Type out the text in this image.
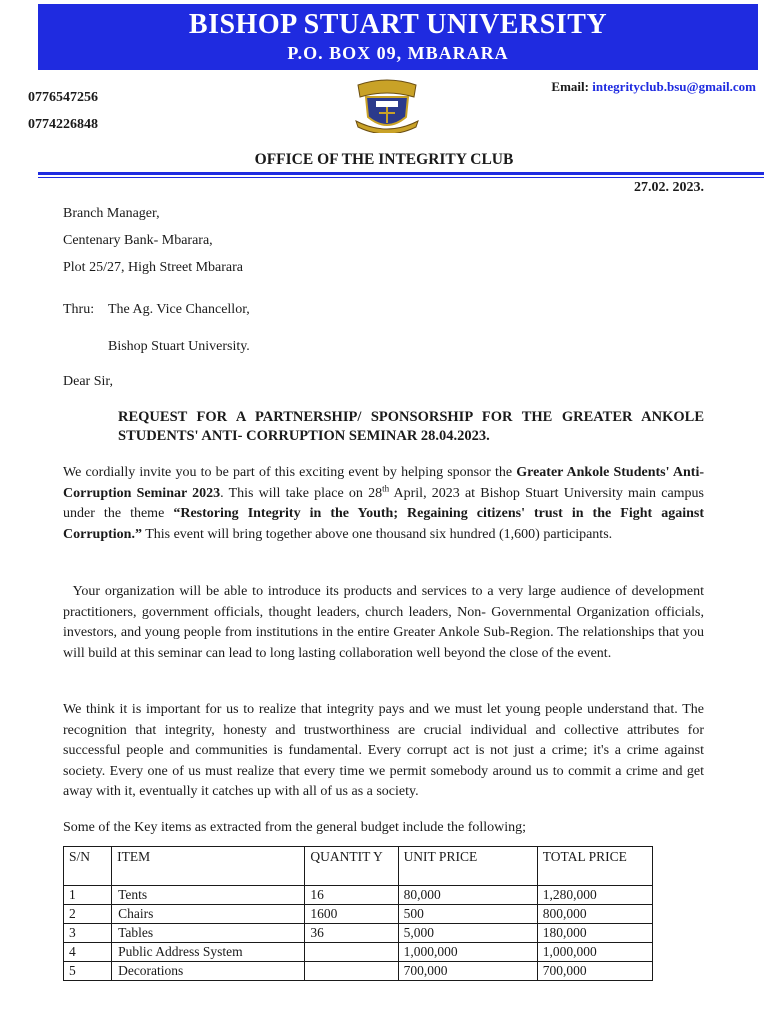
BISHOP STUART UNIVERSITY
P.O. BOX 09, MBARARA
0776547256
0774226848
Email: integrityclub.bsu@gmail.com
OFFICE OF THE INTEGRITY CLUB
27.02. 2023.
Branch Manager,
Centenary Bank- Mbarara,
Plot 25/27, High Street Mbarara
Thru: The Ag. Vice Chancellor,
Bishop Stuart University.
Dear Sir,
REQUEST FOR A PARTNERSHIP/ SPONSORSHIP FOR THE GREATER ANKOLE STUDENTS' ANTI- CORRUPTION SEMINAR 28.04.2023.
We cordially invite you to be part of this exciting event by helping sponsor the Greater Ankole Students' Anti-Corruption Seminar 2023. This will take place on 28th April, 2023 at Bishop Stuart University main campus under the theme “Restoring Integrity in the Youth; Regaining citizens' trust in the Fight against Corruption.” This event will bring together above one thousand six hundred (1,600) participants.
Your organization will be able to introduce its products and services to a very large audience of development practitioners, government officials, thought leaders, church leaders, Non- Governmental Organization officials, investors, and young people from institutions in the entire Greater Ankole Sub-Region. The relationships that you will build at this seminar can lead to long lasting collaboration well beyond the close of the event.
We think it is important for us to realize that integrity pays and we must let young people understand that. The recognition that integrity, honesty and trustworthiness are crucial individual and collective attributes for successful people and communities is fundamental. Every corrupt act is not just a crime; it's a crime against society. Every one of us must realize that every time we permit somebody around us to commit a crime and get away with it, eventually it catches up with all of us as a society.
Some of the Key items as extracted from the general budget include the following;
S/N	ITEM	QUANTIT Y	UNIT PRICE	TOTAL PRICE
1	Tents	16	80,000	1,280,000
2	Chairs	1600	500	800,000
3	Tables	36	5,000	180,000
4	Public Address System		1,000,000	1,000,000
5	Decorations		700,000	700,000
